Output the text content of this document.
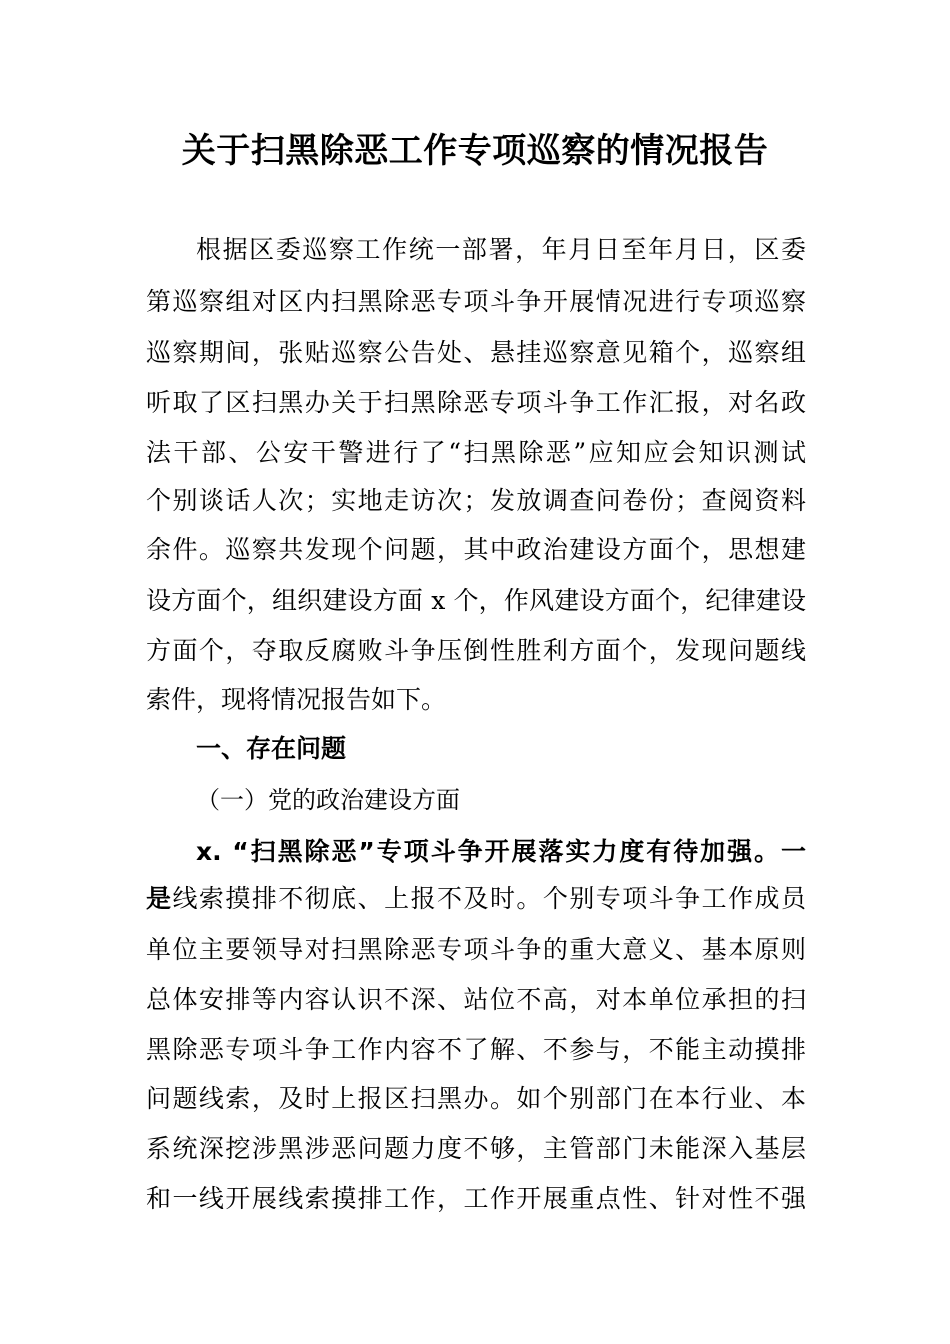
关于扫黑除恶工作专项巡察的情况报告
根据区委巡察工作统一部署，年月日至年月日，区委
第巡察组对区内扫黑除恶专项斗争开展情况进行专项巡察
巡察期间，张贴巡察公告处、悬挂巡察意见箱个，巡察组
听取了区扫黑办关于扫黑除恶专项斗争工作汇报，对名政
法干部、公安干警进行了“扫黑除恶”应知应会知识测试
个别谈话人次；实地走访次；发放调查问卷份；查阅资料
余件。巡察共发现个问题，其中政治建设方面个，思想建
设方面个，组织建设方面 x 个，作风建设方面个，纪律建设
方面个，夺取反腐败斗争压倒性胜利方面个，发现问题线
索件，现将情况报告如下。
一、存在问题
（一）党的政治建设方面
x. “扫黑除恶”专项斗争开展落实力度有待加强。一
是线索摸排不彻底、上报不及时。个别专项斗争工作成员
单位主要领导对扫黑除恶专项斗争的重大意义、基本原则
总体安排等内容认识不深、站位不高，对本单位承担的扫
黑除恶专项斗争工作内容不了解、不参与，不能主动摸排
问题线索，及时上报区扫黑办。如个别部门在本行业、本
系统深挖涉黑涉恶问题力度不够，主管部门未能深入基层
和一线开展线索摸排工作，工作开展重点性、针对性不强
